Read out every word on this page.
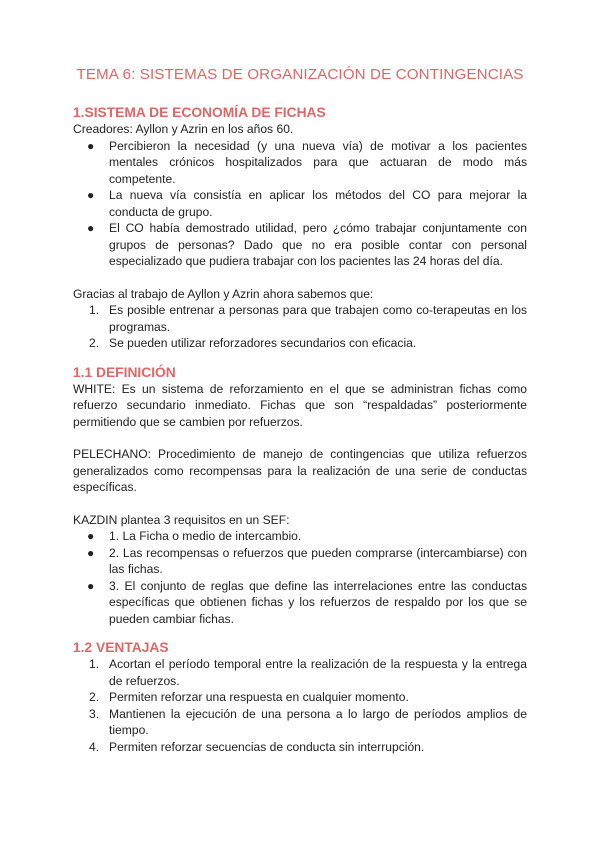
TEMA 6: SISTEMAS DE ORGANIZACIÓN DE CONTINGENCIAS
1.SISTEMA DE ECONOMÍA DE FICHAS

Creadores: Ayllon y Azrin en los años 60.

●	Percibieron la necesidad (y una nueva vía) de motivar a los pacientes mentales crónicos hospitalizados para que actuaran de modo más competente.
●	La nueva vía consistía en aplicar los métodos del CO para mejorar la conducta de grupo.
●	El CO había demostrado utilidad, pero ¿cómo trabajar conjuntamente con grupos de personas? Dado que no era posible contar con personal especializado que pudiera trabajar con los pacientes las 24 horas del día.

Gracias al trabajo de Ayllon y Azrin ahora sabemos que:

1. Es posible entrenar a personas para que trabajen como co-terapeutas en los programas.
2. Se pueden utilizar reforzadores secundarios con eficacia.
1.1 DEFINICIÓN

WHITE: Es un sistema de reforzamiento en el que se administran fichas como refuerzo secundario inmediato. Fichas que son “respaldadas” posteriormente permitiendo que se cambien por refuerzos.

PELECHANO: Procedimiento de manejo de contingencias que utiliza refuerzos generalizados como recompensas para la realización de una serie de conductas específicas.

KAZDIN plantea 3 requisitos en un SEF:

●	1. La Ficha o medio de intercambio.
●	2. Las recompensas o refuerzos que pueden comprarse (intercambiarse) con las fichas.
●	3. El conjunto de reglas que define las interrelaciones entre las conductas específicas que obtienen fichas y los refuerzos de respaldo por los que se pueden cambiar fichas.
1.2 VENTAJAS
1. Acortan el período temporal entre la realización de la respuesta y la entrega de refuerzos.
2. Permiten reforzar una respuesta en cualquier momento.
3. Mantienen la ejecución de una persona a lo largo de períodos amplios de tiempo.
4. Permiten reforzar secuencias de conducta sin interrupción.
